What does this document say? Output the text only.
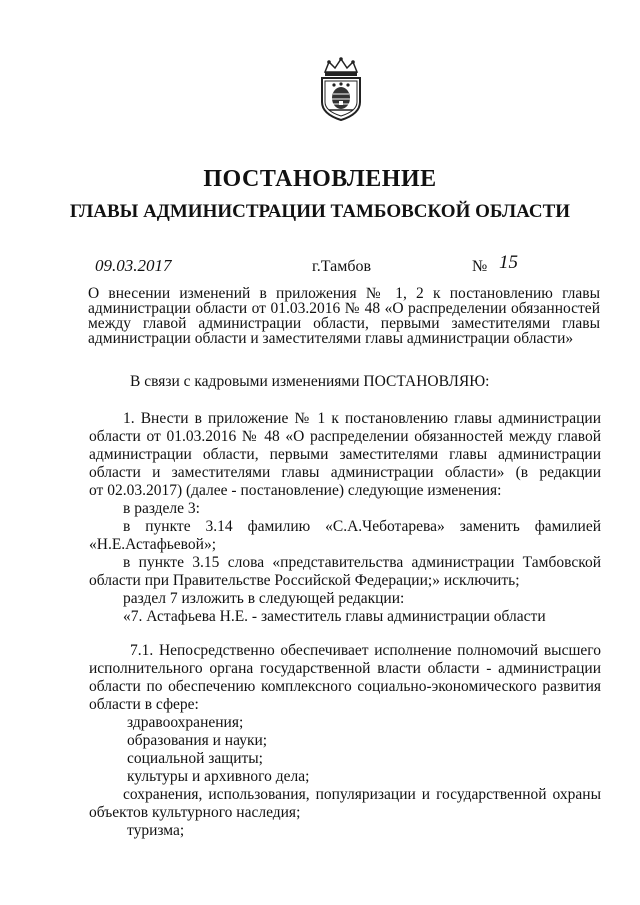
ПОСТАНОВЛЕНИЕ
ГЛАВЫ АДМИНИСТРАЦИИ ТАМБОВСКОЙ ОБЛАСТИ
09.03.2017	г.Тамбов	№ 15
О внесении изменений в приложения № 1, 2 к постановлению главы администрации области от 01.03.2016 № 48 «О распределении обязанностей между главой администрации области, первыми заместителями главы администрации области и заместителями главы администрации области»
В связи с кадровыми изменениями ПОСТАНОВЛЯЮ:
1. Внести в приложение № 1 к постановлению главы администрации
области от 01.03.2016 № 48 «О распределении обязанностей между главой
администрации области, первыми заместителями главы администрации
области и заместителями главы администрации области» (в редакции
от 02.03.2017) (далее - постановление) следующие изменения:
в разделе 3:
в пункте 3.14 фамилию «С.А.Чеботарева» заменить фамилией
«Н.Е.Астафьевой»;
в пункте 3.15 слова «представительства администрации Тамбовской
области при Правительстве Российской Федерации;» исключить;
раздел 7 изложить в следующей редакции:
«7. Астафьева Н.Е. - заместитель главы администрации области
7.1. Непосредственно обеспечивает исполнение полномочий высшего
исполнительного органа государственной власти области - администрации
области по обеспечению комплексного социально-экономического развития
области в сфере:
здравоохранения;
образования и науки;
социальной защиты;
культуры и архивного дела;
сохранения, использования, популяризации и государственной охраны
объектов культурного наследия;
туризма;
